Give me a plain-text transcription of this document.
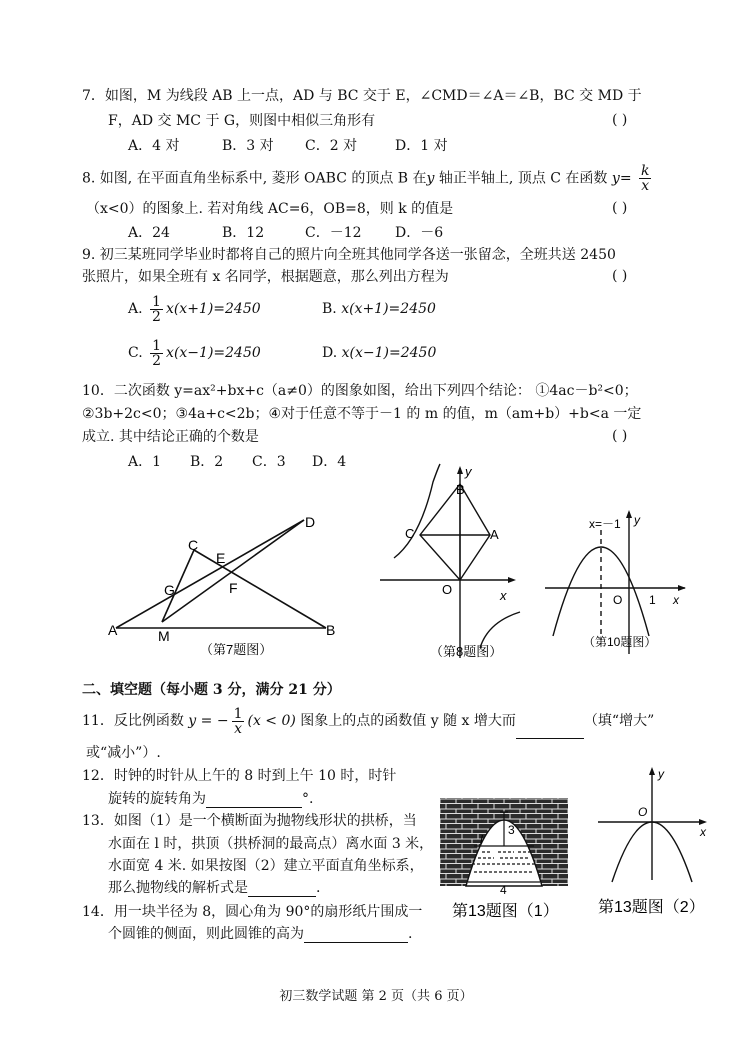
7．如图，M 为线段 AB 上一点，AD 与 BC 交于 E，∠CMD＝∠A＝∠B，BC 交 MD 于
F，AD 交 MC 于 G，则图中相似三角形有	( )
A．4 对	B．3 对 C．2 对	D．1 对
8. 如图, 在平面直角坐标系中, 菱形 OABC 的顶点 B 在y 轴正半轴上, 顶点 C 在函数 $y= \frac{k}{x}$
（x<0）的图象上. 若对角线 AC=6，OB=8，则 k 的值是	( )
A．24	B．12	C．－12 D．－6
9. 初三某班同学毕业时都将自己的照片向全班其他同学各送一张留念，全班共送 2450
张照片，如果全班有 x 名同学，根据题意，那么列出方程为	( )
A. $\frac{1}{2} x(x+1)=2450$	B. x(x+1)=2450
C. $\frac{1}{2} x(x-1)=2450$	D. x(x−1)=2450
10．二次函数 y=ax²+bx+c（a≠0）的图象如图，给出下列四个结论： ①4ac－b²<0；
②3b+2c<0；③4a+c<2b；④对于任意不等于－1 的 m 的值，m（am+b）+b<a 一定
成立. 其中结论正确的个数是	( )
A．1 B．2 C．3 D．4
A	B
C
D
E
F
G
M
（第7题图）
y
B
C	A
O	x
（第8题图）
x=－1 y
O 1 x
（第10题图）
二、填空题（每小题 3 分，满分 21 分）
11．反比例函数 y = − $\frac{1}{x} (x < 0)$ 图象上的点的函数值 y 随 x 增大而	（填“增大”
或“减小”）.
12．时钟的时针从上午的 8 时到上午 10 时，时针
旋转的旋转角为	°.
13．如图（1）是一个横断面为抛物线形状的拱桥，当
水面在 l 时，拱顶（拱桥洞的最高点）离水面 3 米，
水面宽 4 米. 如果按图（2）建立平面直角坐标系，
那么抛物线的解析式是	.
14．用一块半径为 8，圆心角为 90°的扇形纸片围成一
个圆锥的侧面，则此圆锥的高为	.
3
l
4
第13题图（1）
y
O
x
第13题图（2）
初三数学试题 第 2 页（共 6 页）
